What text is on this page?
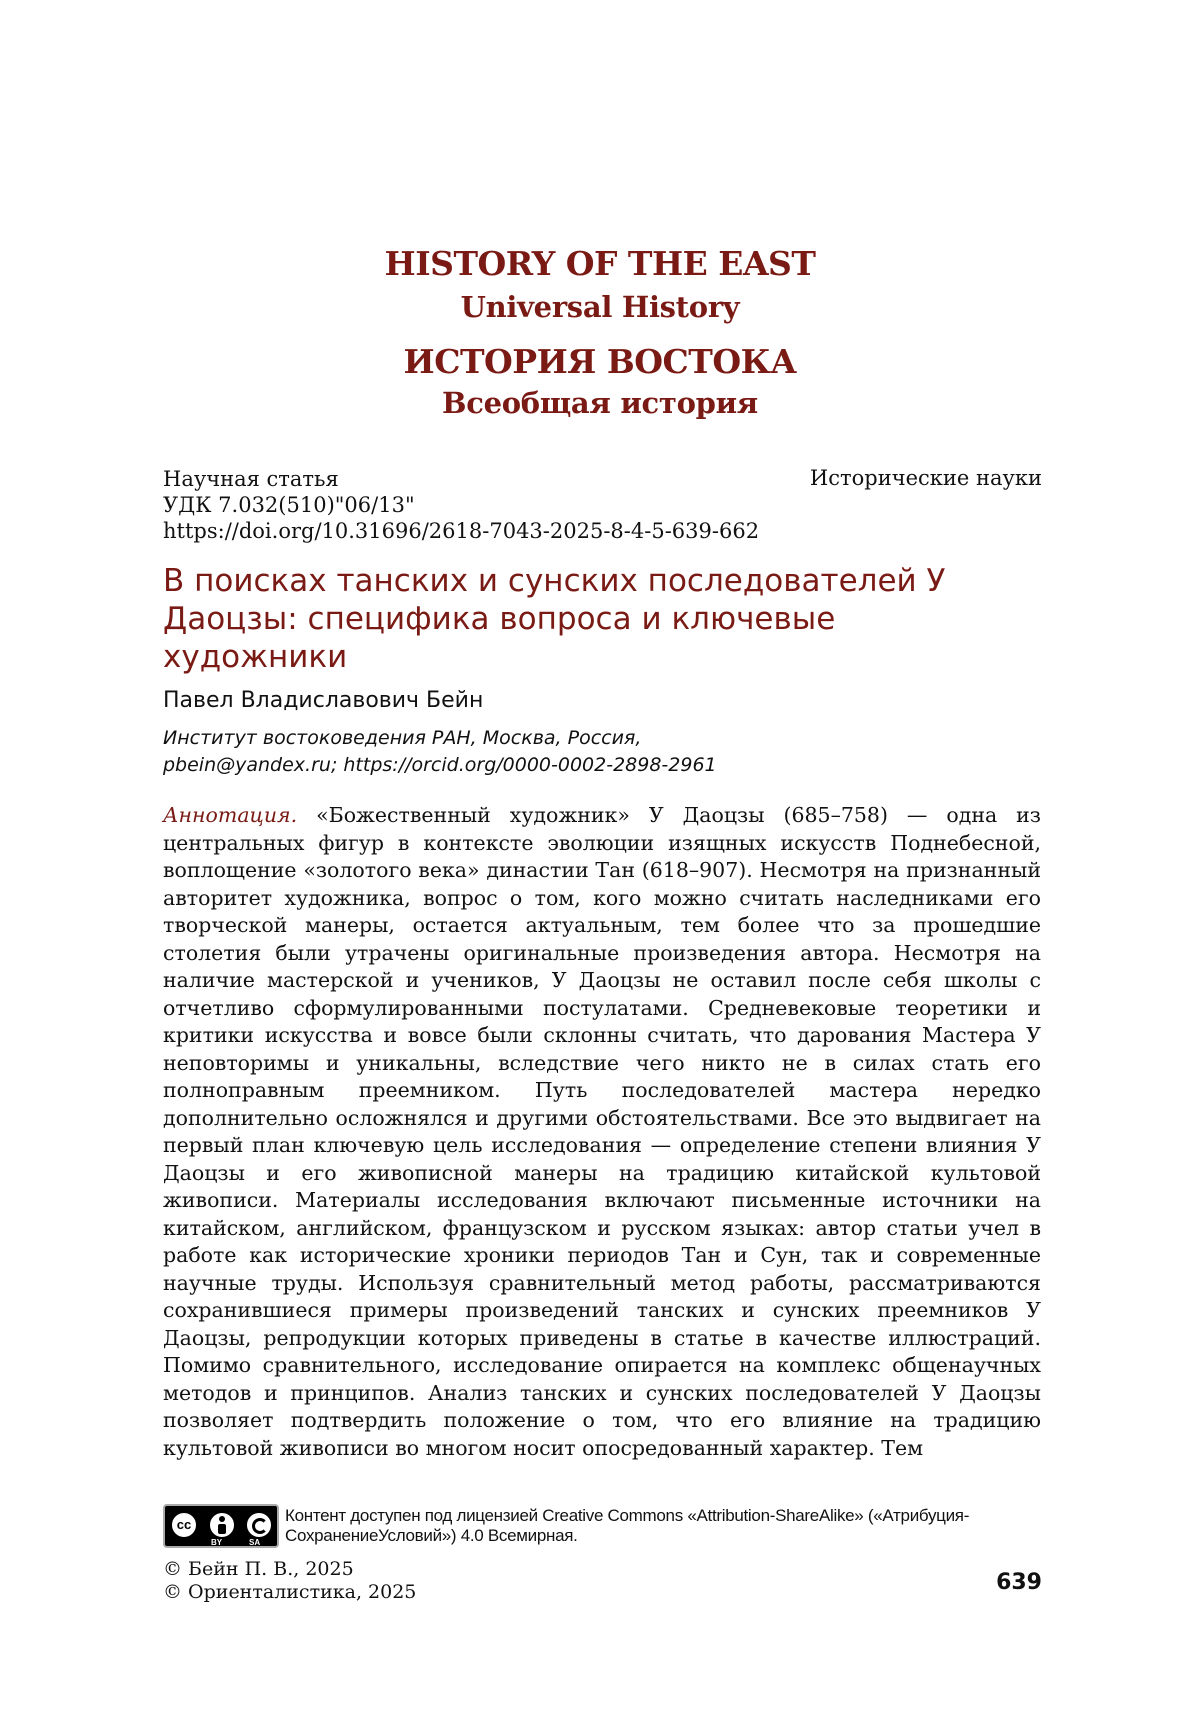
HISTORY OF THE EAST
Universal History
ИСТОРИЯ ВОСТОКА
Всеобщая история
Научная статья	Исторические науки
УДК 7.032(510)"06/13"
https://doi.org/10.31696/2618-7043-2025-8-4-5-639-662
В поисках танских и сунских последователей У Даоцзы: специфика вопроса и ключевые художники
Павел Владиславович Бейн
Институт востоковедения РАН, Москва, Россия,
pbein@yandex.ru; https://orcid.org/0000-0002-2898-2961

Аннотация. «Божественный художник» У Даоцзы (685–758) — одна из центральных фигур в контексте эволюции изящных искусств Поднебесной, воплощение «золотого века» династии Тан (618–907). Несмотря на признанный авторитет художника, вопрос о том, кого можно считать наследниками его творческой манеры, остается актуальным, тем более что за прошедшие столетия были утрачены оригинальные произведения автора. Несмотря на наличие мастерской и учеников, У Даоцзы не оставил после себя школы с отчетливо сформулированными постулатами. Средневековые теоретики и критики искусства и вовсе были склонны считать, что дарования Мастера У неповторимы и уникальны, вследствие чего никто не в силах стать его полноправным преемником. Путь последователей мастера нередко дополнительно осложнялся и другими обстоятельствами. Все это выдвигает на первый план ключевую цель исследования — определение степени влияния У Даоцзы и его живописной манеры на традицию китайской культовой живописи. Материалы исследования включают письменные источники на китайском, английском, французском и русском языках: автор статьи учел в работе как исторические хроники периодов Тан и Сун, так и современные научные труды. Используя сравнительный метод работы, рассматриваются сохранившиеся примеры произведений танских и сунских преемников У Даоцзы, репродукции которых приведены в статье в качестве иллюстраций. Помимо сравнительного, исследование опирается на комплекс общенаучных методов и принципов. Анализ танских и сунских последователей У Даоцзы позволяет подтвердить положение о том, что его влияние на традицию культовой живописи во многом носит опосредованный характер. Тем

cc
BY	SA
Контент доступен под лицензией Creative Commons «Attribution-ShareAlike» («Атрибуция-СохранениеУсловий») 4.0 Всемирная.
© Бейн П. В., 2025
© Ориенталистика, 2025	639
